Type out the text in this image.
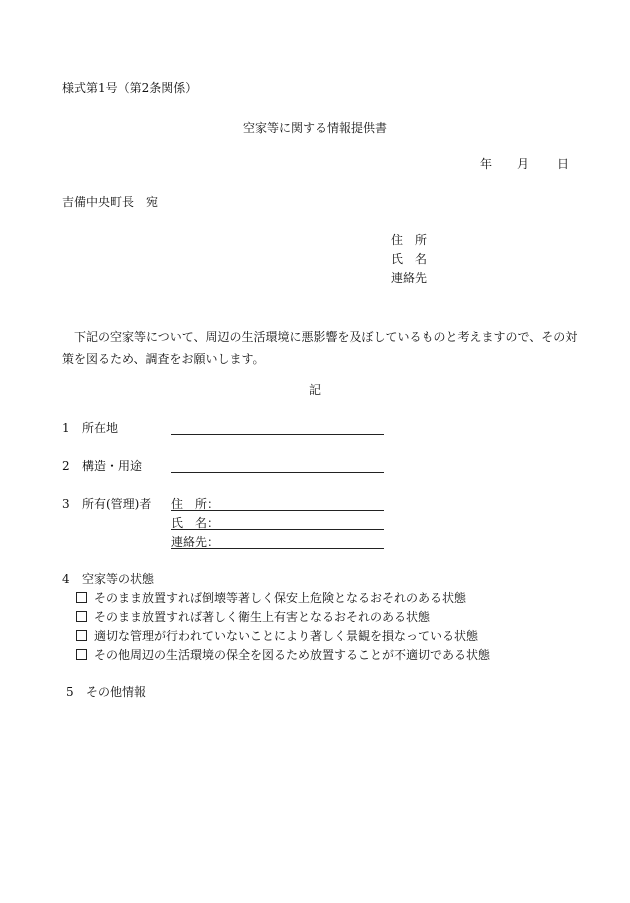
様式第1号（第2条関係）
空家等に関する情報提供書
年 月 日
吉備中央町長　宛
住　所
氏　名
連絡先
下記の空家等について、周辺の生活環境に悪影響を及ぼしているものと考えますので、その対策を図るため、調査をお願いします。
記
1 所在地
2 構造・用途
3 所有(管理)者 住　所：
氏　名：
連絡先：
4 空家等の状態
そのまま放置すれば倒壊等著しく保安上危険となるおそれのある状態
そのまま放置すれば著しく衛生上有害となるおそれのある状態
適切な管理が行われていないことにより著しく景観を損なっている状態
その他周辺の生活環境の保全を図るため放置することが不適切である状態
5 その他情報
